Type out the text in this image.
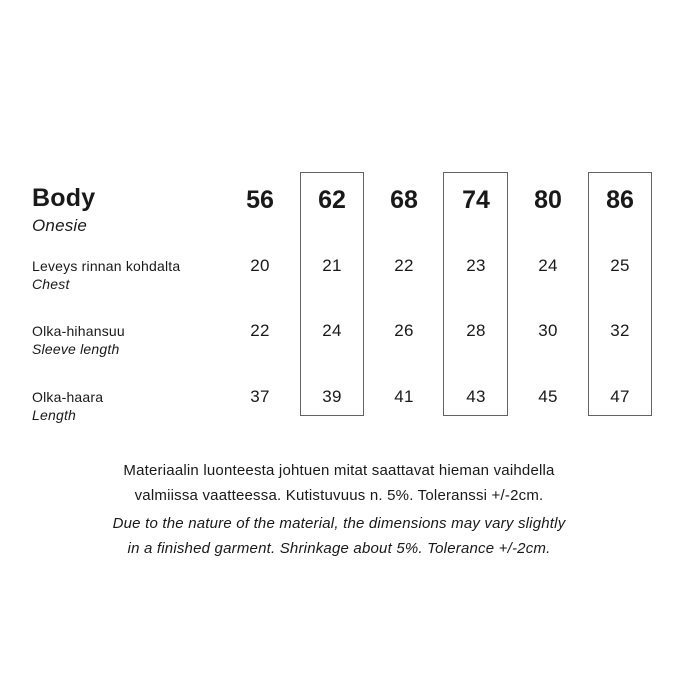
Body
Onesie
56	62	68	74	80	86
Leveys rinnan kohdalta
Chest
20	21	22	23	24	25
Olka-hihansuu
Sleeve length
22	24	26	28	30	32
Olka-haara
Length
37	39	41	43	45	47

Materiaalin luonteesta johtuen mitat saattavat hieman vaihdella

valmiissa vaatteessa. Kutistuvuus n. 5%. Toleranssi +/-2cm.

Due to the nature of the material, the dimensions may vary slightly

in a finished garment. Shrinkage about 5%. Tolerance +/-2cm.
